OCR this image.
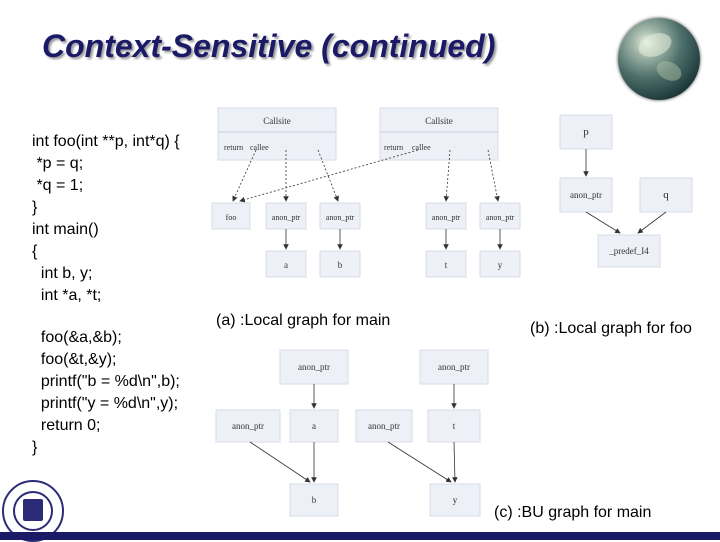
Context-Sensitive (continued)
int foo(int **p, int*q) {
*p = q;
*q = 1;
}
int main()
{
int b, y;
int *a, *t;
foo(&a,&b);
foo(&t,&y);
printf("b = %d\n",b);
printf("y = %d\n",y);
return 0;
}
Callsite
return callee
Callsite
return callee
foo	anon_ptr	anon_ptr	anon_ptr	anon_ptr
a	b	t	y
p
anon_ptr	q
_predef_I4
anon_ptr	anon_ptr
anon_ptr	a	anon_ptr	t
b	y
(a) :Local graph for main	(b) :Local graph for foo
(c) :BU graph for main
